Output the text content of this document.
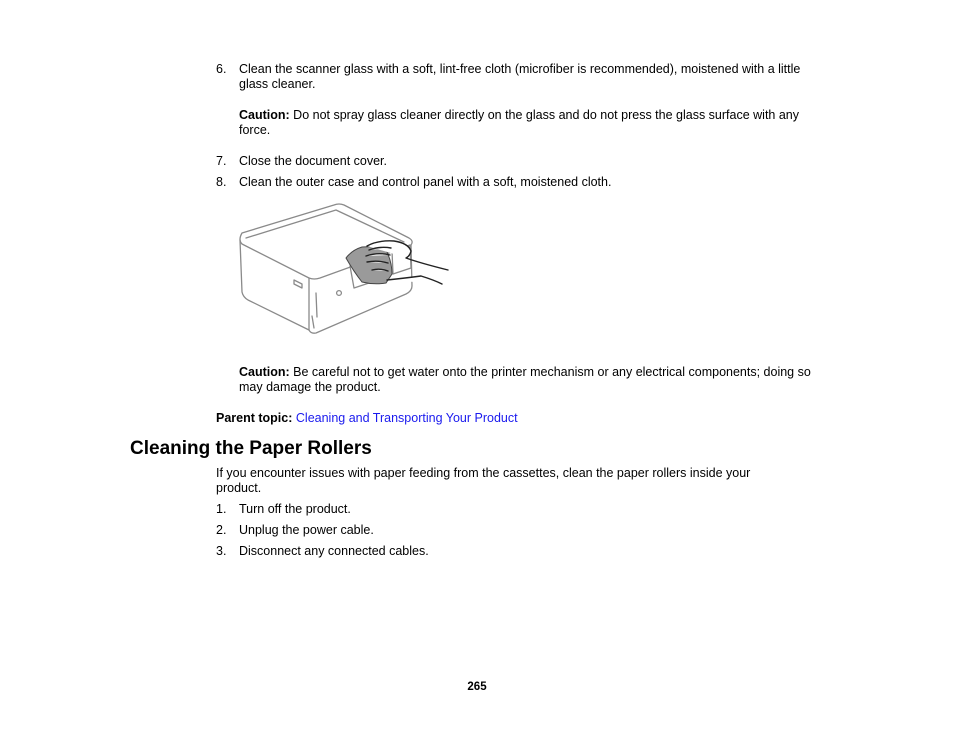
6. Clean the scanner glass with a soft, lint-free cloth (microfiber is recommended), moistened with a little glass cleaner.
Caution: Do not spray glass cleaner directly on the glass and do not press the glass surface with any force.
7. Close the document cover.
8. Clean the outer case and control panel with a soft, moistened cloth.
Caution: Be careful not to get water onto the printer mechanism or any electrical components; doing so may damage the product.
Parent topic: Cleaning and Transporting Your Product
Cleaning the Paper Rollers
If you encounter issues with paper feeding from the cassettes, clean the paper rollers inside your product.
1. Turn off the product.
2. Unplug the power cable.
3. Disconnect any connected cables.
265
